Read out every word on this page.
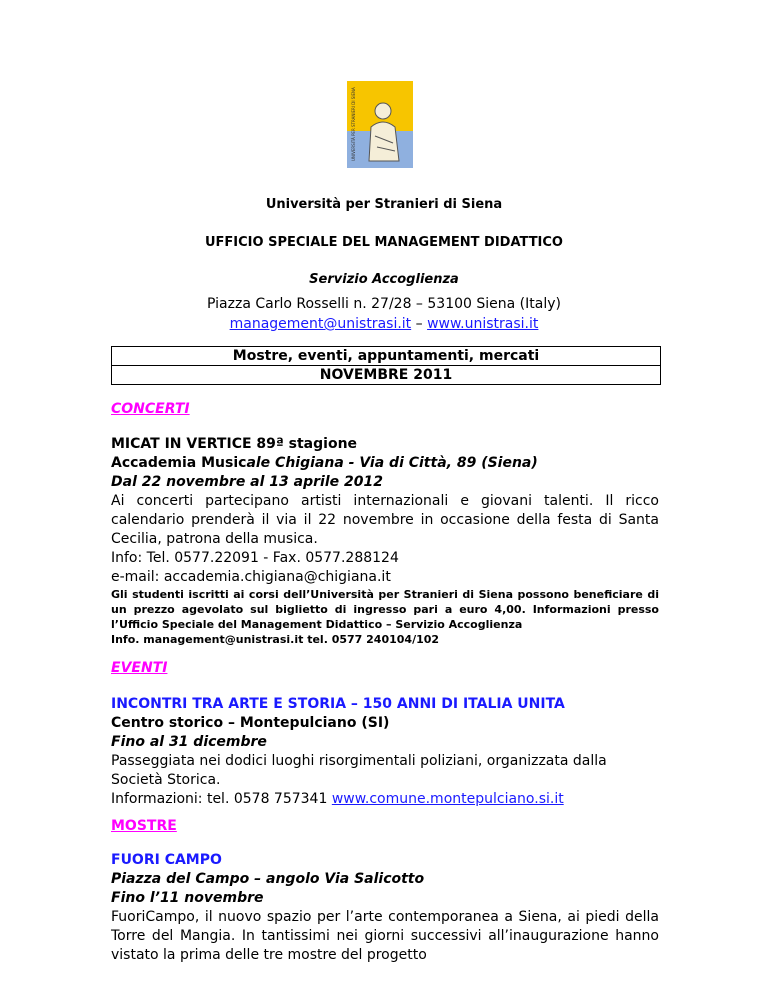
UNIVERSITÀ PER STRANIERI DI SIENA
Università per Stranieri di Siena
UFFICIO SPECIALE DEL MANAGEMENT DIDATTICO
Servizio Accoglienza
Piazza Carlo Rosselli n. 27/28 – 53100 Siena (Italy)
management@unistrasi.it – www.unistrasi.it
Mostre, eventi, appuntamenti, mercati
NOVEMBRE 2011
CONCERTI
MICAT IN VERTICE 89ª stagione
Accademia Musicale Chigiana - Via di Città, 89 (Siena)
Dal 22 novembre al 13 aprile 2012
Ai concerti partecipano artisti internazionali e giovani talenti. Il ricco calendario prenderà il via il 22 novembre in occasione della festa di Santa Cecilia, patrona della musica.
Info: Tel. 0577.22091 - Fax. 0577.288124
e-mail: accademia.chigiana@chigiana.it
Gli studenti iscritti ai corsi dell’Università per Stranieri di Siena possono beneficiare di un prezzo agevolato sul biglietto di ingresso pari a euro 4,00. Informazioni presso l’Ufficio Speciale del Management Didattico – Servizio Accoglienza
Info. management@unistrasi.it tel. 0577 240104/102
EVENTI
INCONTRI TRA ARTE E STORIA – 150 ANNI DI ITALIA UNITA
Centro storico – Montepulciano (SI)
Fino al 31 dicembre
Passeggiata nei dodici luoghi risorgimentali poliziani, organizzata dalla Società Storica.
Informazioni: tel. 0578 757341 www.comune.montepulciano.si.it
MOSTRE
FUORI CAMPO
Piazza del Campo – angolo Via Salicotto
Fino l’11 novembre
FuoriCampo, il nuovo spazio per l’arte contemporanea a Siena, ai piedi della Torre del Mangia. In tantissimi nei giorni successivi all’inaugurazione hanno vistato la prima delle tre mostre del progetto
